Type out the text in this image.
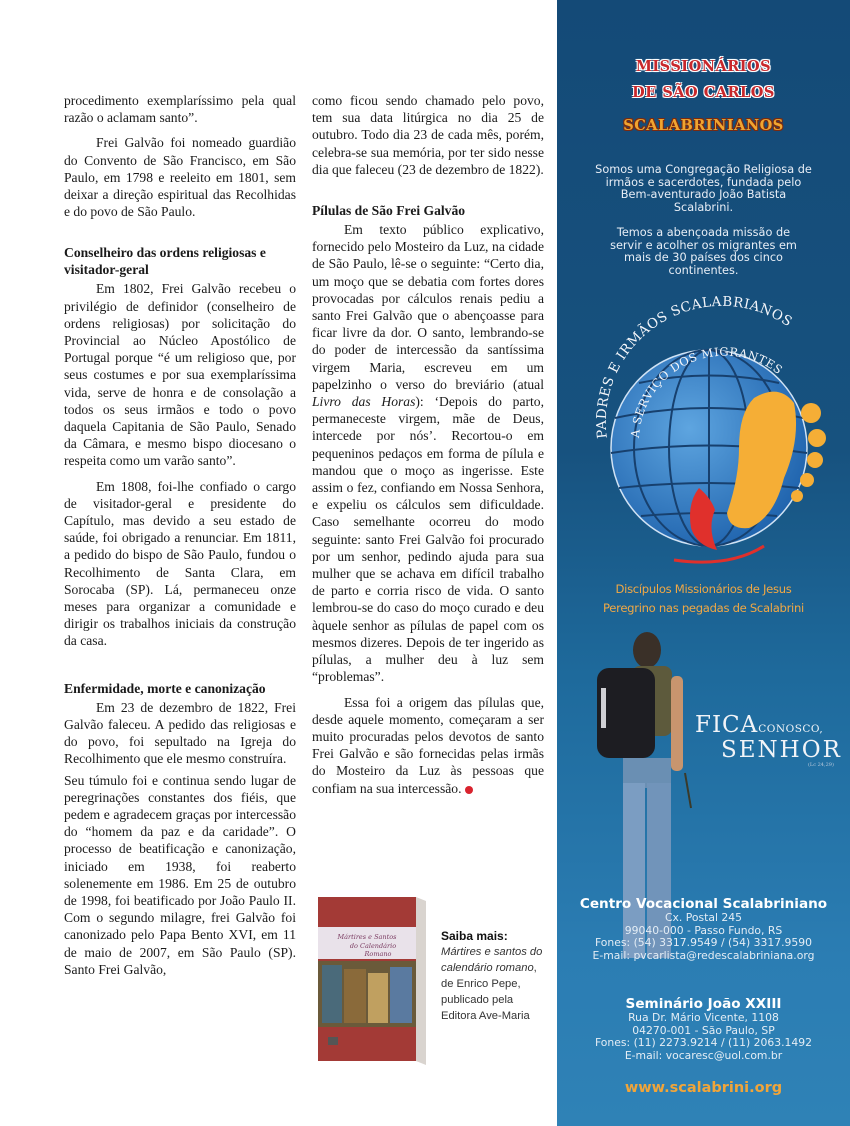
procedimento exemplaríssimo pela qual razão o aclamam santo”.

Frei Galvão foi nomeado guardião do Convento de São Francisco, em São Paulo, em 1798 e reeleito em 1801, sem deixar a direção espiritual das Recolhidas e do povo de São Paulo.

Conselheiro das ordens religiosas e visitador-geral

Em 1802, Frei Galvão recebeu o privilégio de definidor (conselheiro de ordens religiosas) por solicitação do Provincial ao Núcleo Apostólico de Portugal porque “é um religioso que, por seus costumes e por sua exemplaríssima vida, serve de honra e de consolação a todos os seus irmãos e todo o povo daquela Capitania de São Paulo, Senado da Câmara, e mesmo bispo diocesano o respeita como um varão santo”.

Em 1808, foi-lhe confiado o cargo de visitador-geral e presidente do Capítulo, mas devido a seu estado de saúde, foi obrigado a renunciar. Em 1811, a pedido do bispo de São Paulo, fundou o Recolhimento de Santa Clara, em Sorocaba (SP). Lá, permaneceu onze meses para organizar a comunidade e dirigir os trabalhos iniciais da construção da casa.

Enfermidade, morte e canonização

Em 23 de dezembro de 1822, Frei Galvão faleceu. A pedido das religiosas e do povo, foi sepultado na Igreja do Recolhimento que ele mesmo construíra.

Seu túmulo foi e continua sendo lugar de peregrinações constantes dos fiéis, que pedem e agradecem graças por intercessão do “homem da paz e da caridade”. O processo de beatificação e canonização, iniciado em 1938, foi reaberto solenemente em 1986. Em 25 de outubro de 1998, foi beatificado por João Paulo II. Com o segundo milagre, frei Galvão foi canonizado pelo Papa Bento XVI, em 11 de maio de 2007, em São Paulo (SP). Santo Frei Galvão,

como ficou sendo chamado pelo povo, tem sua data litúrgica no dia 25 de outubro. Todo dia 23 de cada mês, porém, celebra-se sua memória, por ter sido nesse dia que faleceu (23 de dezembro de 1822).

Pílulas de São Frei Galvão

Em texto público explicativo, fornecido pelo Mosteiro da Luz, na cidade de São Paulo, lê-se o seguinte: “Certo dia, um moço que se debatia com fortes dores provocadas por cálculos renais pediu a santo Frei Galvão que o abençoasse para ficar livre da dor. O santo, lembrando-se do poder de intercessão da santíssima virgem Maria, escreveu em um papelzinho o verso do breviário (atual Livro das Horas): ‘Depois do parto, permaneceste virgem, mãe de Deus, intercede por nós’. Recortou-o em pequeninos pedaços em forma de pílula e mandou que o moço as ingerisse. Este assim o fez, confiando em Nossa Senhora, e expeliu os cálculos sem dificuldade. Caso semelhante ocorreu do modo seguinte: santo Frei Galvão foi procurado por um senhor, pedindo ajuda para sua mulher que se achava em difícil trabalho de parto e corria risco de vida. O santo lembrou-se do caso do moço curado e deu àquele senhor as pílulas de papel com os mesmos dizeres. Depois de ter ingerido as pílulas, a mulher deu à luz sem “problemas”.

Essa foi a origem das pílulas que, desde aquele momento, começaram a ser muito procuradas pelos devotos de santo Frei Galvão e são fornecidas pelas irmãs do Mosteiro da Luz às pessoas que confiam na sua intercessão.

Mártires e Santos
do Calendário
Romano
Saiba mais:
Mártires e santos do calendário romano, de Enrico Pepe, publicado pela Editora Ave-Maria
MISSIONÁRIOS
DE SÃO CARLOS
SCALABRINIANOS
Somos uma Congregação Religiosa de irmãos e sacerdotes, fundada pelo Bem-aventurado João Batista Scalabrini.
Temos a abençoada missão de servir e acolher os migrantes em mais de 30 países dos cinco continentes.
PADRES E IRMÃOS SCALABRIANOS
A SERVIÇO DOS MIGRANTES
Discípulos Missionários de Jesus
Peregrino nas pegadas de Scalabrini
FICACONOSCO,
SENHOR
(Lc 24,29)
Centro Vocacional Scalabriniano
Cx. Postal 245
99040-000 - Passo Fundo, RS
Fones: (54) 3317.9549 / (54) 3317.9590
E-mail: pvcarlista@redescalabriniana.org
Seminário João XXIII
Rua Dr. Mário Vicente, 1108
04270-001 - São Paulo, SP
Fones: (11) 2273.9214 / (11) 2063.1492
E-mail: vocaresc@uol.com.br
www.scalabrini.org
